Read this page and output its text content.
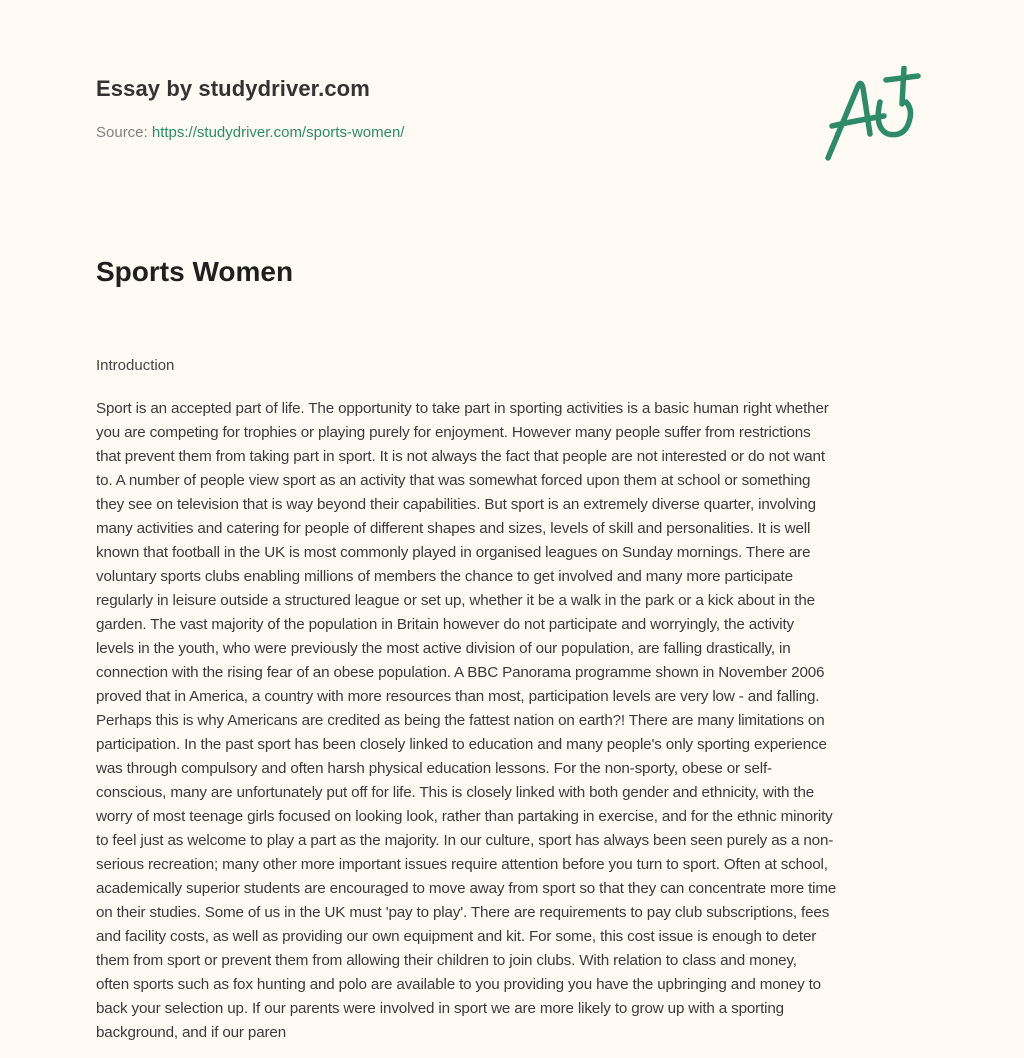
Essay by studydriver.com
Source: https://studydriver.com/sports-women/
Sports Women
Introduction
Sport is an accepted part of life. The opportunity to take part in sporting activities is a basic human right whether
you are competing for trophies or playing purely for enjoyment. However many people suffer from restrictions
that prevent them from taking part in sport. It is not always the fact that people are not interested or do not want
to. A number of people view sport as an activity that was somewhat forced upon them at school or something
they see on television that is way beyond their capabilities. But sport is an extremely diverse quarter, involving
many activities and catering for people of different shapes and sizes, levels of skill and personalities. It is well
known that football in the UK is most commonly played in organised leagues on Sunday mornings. There are
voluntary sports clubs enabling millions of members the chance to get involved and many more participate
regularly in leisure outside a structured league or set up, whether it be a walk in the park or a kick about in the
garden. The vast majority of the population in Britain however do not participate and worryingly, the activity
levels in the youth, who were previously the most active division of our population, are falling drastically, in
connection with the rising fear of an obese population. A BBC Panorama programme shown in November 2006
proved that in America, a country with more resources than most, participation levels are very low - and falling.
Perhaps this is why Americans are credited as being the fattest nation on earth?! There are many limitations on
participation. In the past sport has been closely linked to education and many people's only sporting experience
was through compulsory and often harsh physical education lessons. For the non-sporty, obese or self-
conscious, many are unfortunately put off for life. This is closely linked with both gender and ethnicity, with the
worry of most teenage girls focused on looking look, rather than partaking in exercise, and for the ethnic minority
to feel just as welcome to play a part as the majority. In our culture, sport has always been seen purely as a non-
serious recreation; many other more important issues require attention before you turn to sport. Often at school,
academically superior students are encouraged to move away from sport so that they can concentrate more time
on their studies. Some of us in the UK must 'pay to play'. There are requirements to pay club subscriptions, fees
and facility costs, as well as providing our own equipment and kit. For some, this cost issue is enough to deter
them from sport or prevent them from allowing their children to join clubs. With relation to class and money,
often sports such as fox hunting and polo are available to you providing you have the upbringing and money to
back your selection up. If our parents were involved in sport we are more likely to grow up with a sporting
background, and if our paren
